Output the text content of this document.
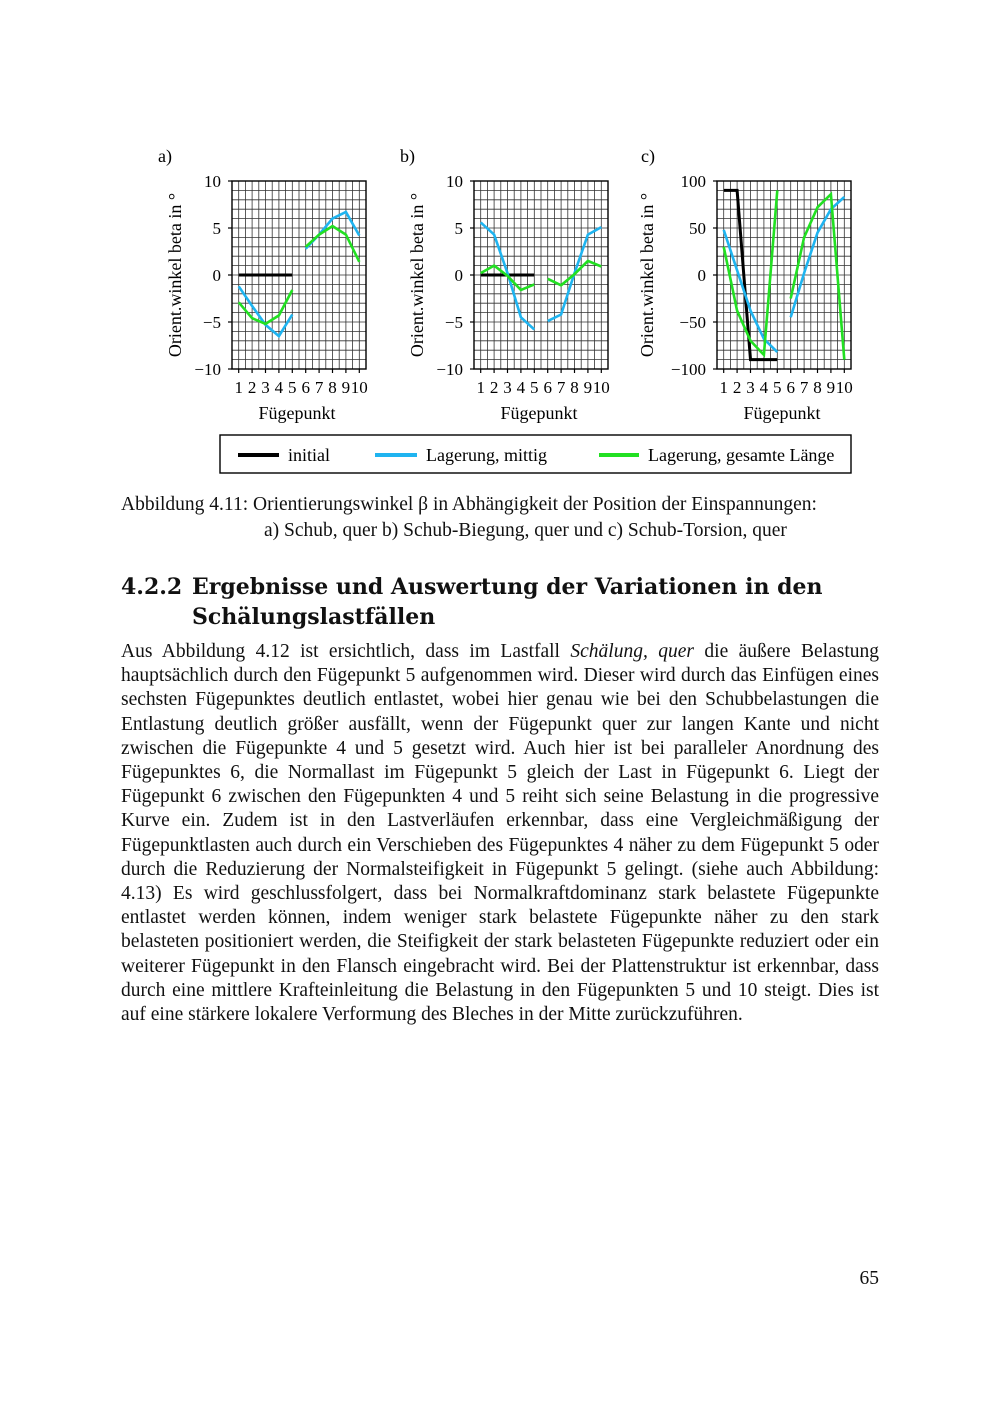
−10
−5
0
5
10
1 2 3 4 5 6 7 8 9 10
Fügepunkt
Orient.winkel beta in °
a)
−10
−5
0
5
10
1 2 3 4 5 6 7 8 9 10
Fügepunkt
Orient.winkel beta in °
b)
−100
−50
0
50
100
1 2 3 4 5 6 7 8 9 10
Fügepunkt
Orient.winkel beta in °
c)
initial	Lagerung, mittig	Lagerung, gesamte Länge
Abbildung 4.11: Orientierungswinkel β in Abhängigkeit der Position der Einspannungen:
a) Schub, quer b) Schub-Biegung, quer und c) Schub-Torsion, quer
4.2.2 Ergebnisse und Auswertung der Variationen in den
Schälungslastfällen
Aus Abbildung 4.12 ist ersichtlich, dass im Lastfall Schälung, quer die äußere Belastung hauptsächlich durch den Fügepunkt 5 aufgenommen wird. Dieser wird durch das Einfügen eines sechsten Fügepunktes deutlich entlastet, wobei hier genau wie bei den Schubbelastungen die Entlastung deutlich größer ausfällt, wenn der Fügepunkt quer zur langen Kante und nicht zwischen die Fügepunkte 4 und 5 gesetzt wird. Auch hier ist bei paralleler Anordnung des Fügepunktes 6, die Normallast im Fügepunkt 5 gleich der Last in Fügepunkt 6. Liegt der Fügepunkt 6 zwischen den Fügepunkten 4 und 5 reiht sich seine Belastung in die progressive Kurve ein. Zudem ist in den Lastverläufen erkennbar, dass eine Vergleichmäßigung der Fügepunktlasten auch durch ein Verschieben des Fügepunktes 4 näher zu dem Fügepunkt 5 oder durch die Reduzierung der Normalsteifigkeit in Fügepunkt 5 gelingt. (siehe auch Abbildung: 4.13) Es wird geschlussfolgert, dass bei Normalkraftdominanz stark belastete Fügepunkte entlastet werden können, indem weniger stark belastete Fügepunkte näher zu den stark belasteten positioniert werden, die Steifigkeit der stark belasteten Fügepunkte reduziert oder ein weiterer Fügepunkt in den Flansch eingebracht wird. Bei der Plattenstruktur ist erkennbar, dass durch eine mittlere Krafteinleitung die Belastung in den Fügepunkten 5 und 10 steigt. Dies ist auf eine stärkere lokalere Verformung des Bleches in der Mitte zurückzuführen.
65
